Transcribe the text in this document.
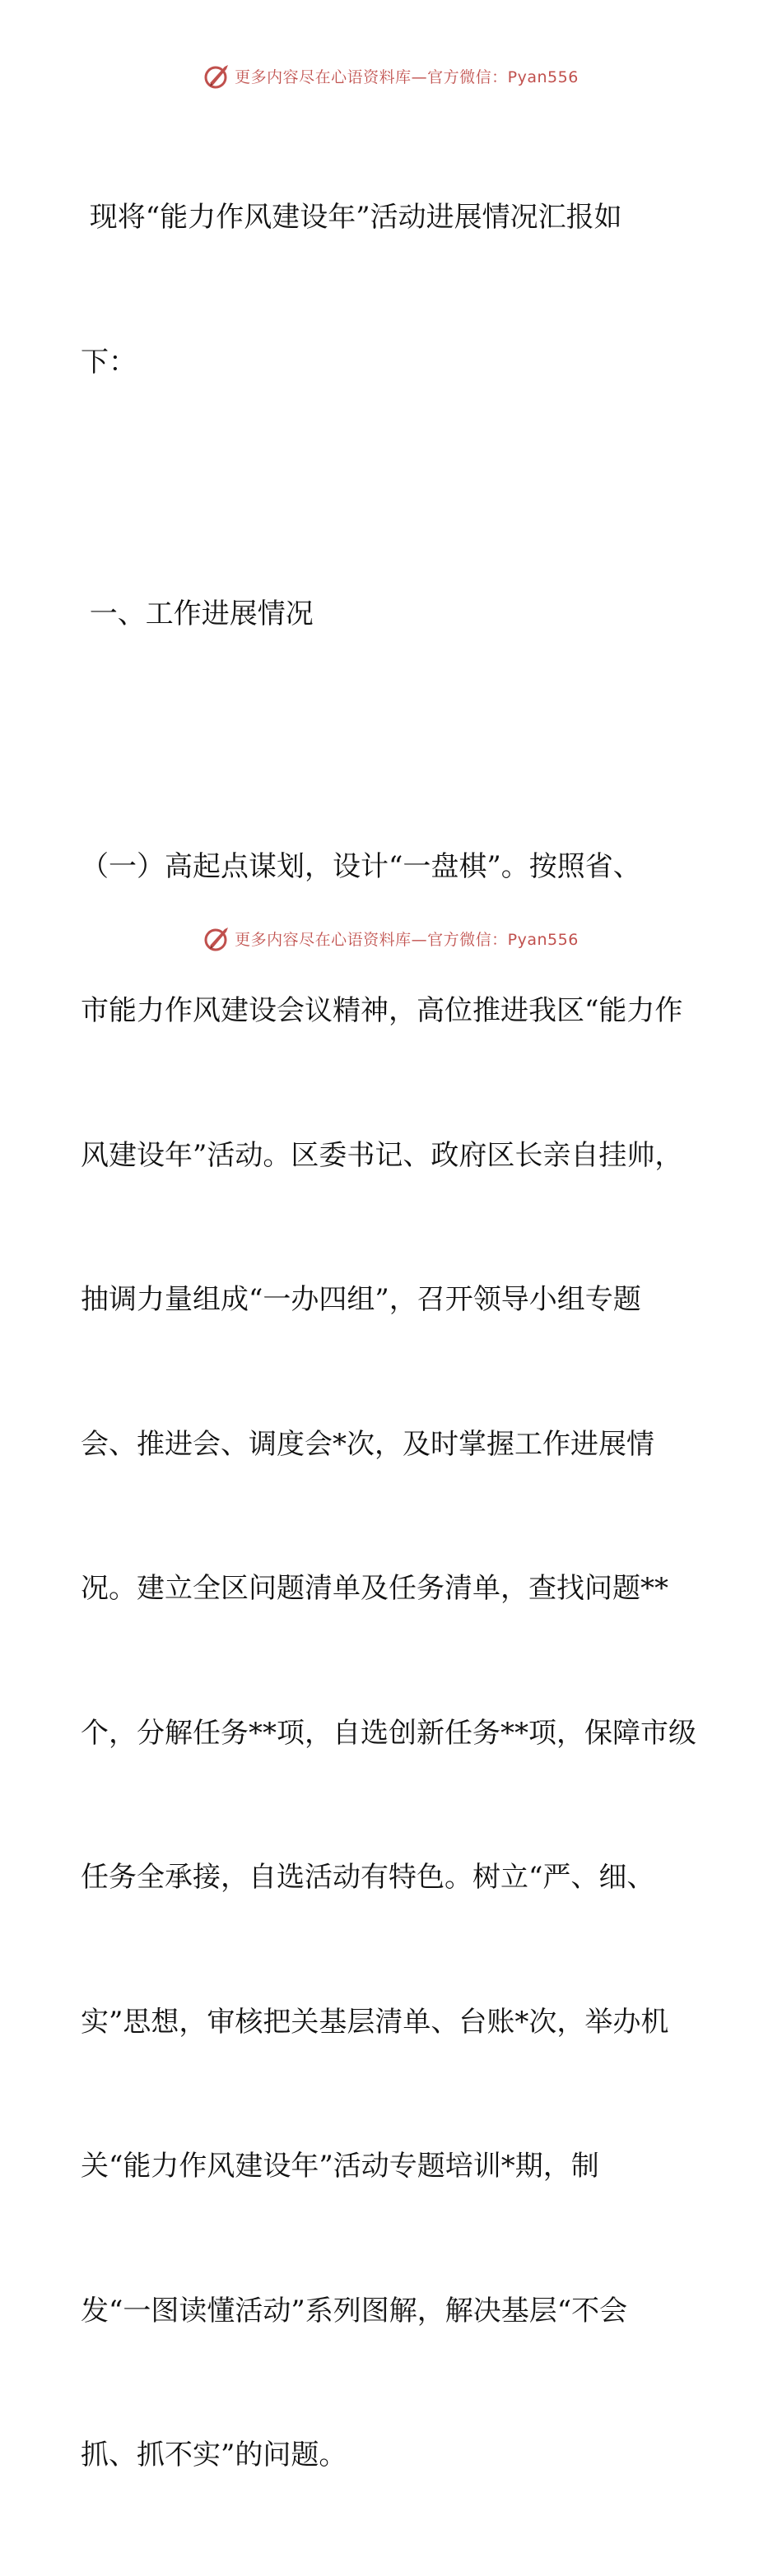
更多内容尽在心语资料库—官方微信：Pyan556

现将“能力作风建设年”活动进展情况汇报如

下：

一、工作进展情况

（一）高起点谋划，设计“一盘棋”。按照省、

市能力作风建设会议精神，高位推进我区“能力作

风建设年”活动。区委书记、政府区长亲自挂帅，

抽调力量组成“一办四组”，召开领导小组专题

会、推进会、调度会*次，及时掌握工作进展情

况。建立全区问题清单及任务清单，查找问题**

个，分解任务**项，自选创新任务**项，保障市级

任务全承接，自选活动有特色。树立“严、细、

实”思想，审核把关基层清单、台账*次，举办机

关“能力作风建设年”活动专题培训*期，制

发“一图读懂活动”系列图解，解决基层“不会

抓、抓不实”的问题。

更多内容尽在心语资料库—官方微信：Pyan556
